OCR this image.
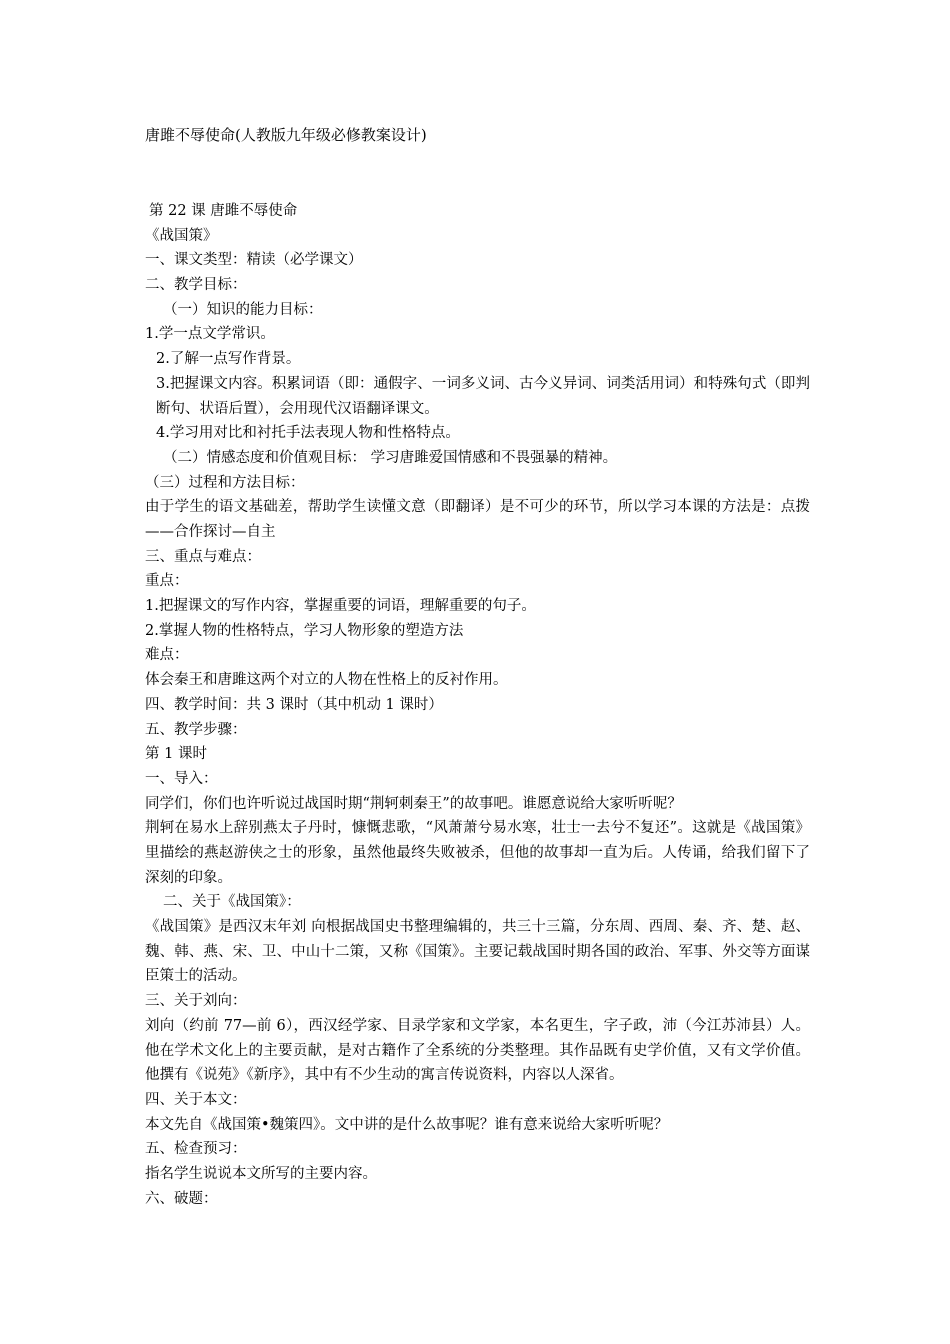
唐雎不辱使命(人教版九年级必修教案设计)
第 22 课 唐雎不辱使命
《战国策》
一、课文类型：精读（必学课文）
二、教学目标：
（一）知识的能力目标：
1.学一点文学常识。
2.了解一点写作背景。
3.把握课文内容。积累词语（即：通假字、一词多义词、古今义异词、词类活用词）和特殊句式（即判断句、状语后置），会用现代汉语翻译课文。
4.学习用对比和衬托手法表现人物和性格特点。
（二）情感态度和价值观目标： 学习唐雎爱国情感和不畏强暴的精神。
（三）过程和方法目标：
由于学生的语文基础差，帮助学生读懂文意（即翻译）是不可少的环节，所以学习本课的方法是：点拨——合作探讨—自主
三、重点与难点：
重点：
1.把握课文的写作内容，掌握重要的词语，理解重要的句子。
2.掌握人物的性格特点，学习人物形象的塑造方法
难点：
体会秦王和唐雎这两个对立的人物在性格上的反衬作用。
四、教学时间：共 3 课时（其中机动 1 课时）
五、教学步骤：
第 1 课时
一、导入：
同学们，你们也许听说过战国时期“荆轲刺秦王”的故事吧。谁愿意说给大家听听呢？
荆轲在易水上辞别燕太子丹时，慷慨悲歌，“风萧萧兮易水寒，壮士一去兮不复还”。这就是《战国策》里描绘的燕赵游侠之士的形象，虽然他最终失败被杀，但他的故事却一直为后。人传诵，给我们留下了深刻的印象。
二、关于《战国策》：
《战国策》是西汉末年刘 向根据战国史书整理编辑的，共三十三篇，分东周、西周、秦、齐、楚、赵、魏、韩、燕、宋、卫、中山十二策，又称《国策》。主要记载战国时期各国的政治、军事、外交等方面谋臣策士的活动。
三、关于刘向：
刘向（约前 77—前 6），西汉经学家、目录学家和文学家，本名更生，字子政，沛（今江苏沛县）人。他在学术文化上的主要贡献，是对古籍作了全系统的分类整理。其作品既有史学价值，又有文学价值。他撰有《说苑》《新序》，其中有不少生动的寓言传说资料，内容以人深省。
四、关于本文：
本文先自《战国策•魏策四》。文中讲的是什么故事呢？谁有意来说给大家听听呢？
五、检查预习：
指名学生说说本文所写的主要内容。
六、破题：
